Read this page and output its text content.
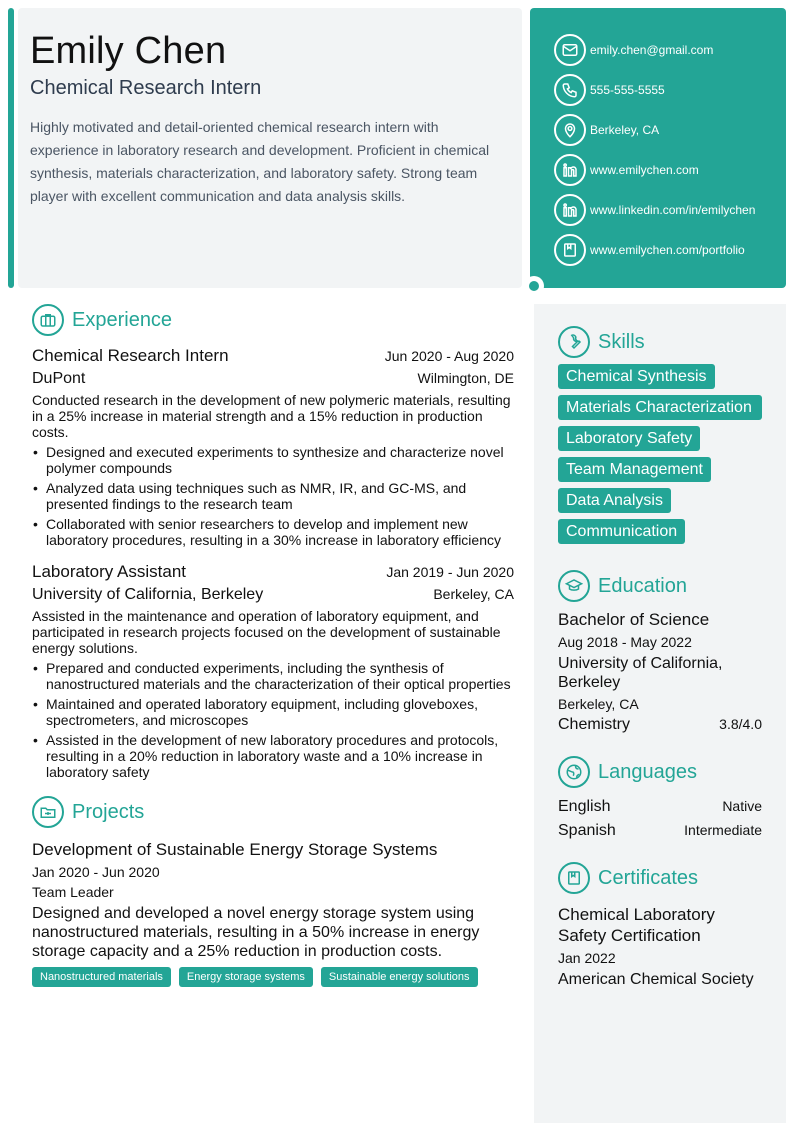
Emily Chen
Chemical Research Intern
Highly motivated and detail-oriented chemical research intern with experience in laboratory research and development. Proficient in chemical synthesis, materials characterization, and laboratory safety. Strong team player with excellent communication and data analysis skills.
emily.chen@gmail.com
555-555-5555
Berkeley, CA
www.emilychen.com
www.linkedin.com/in/emilychen
www.emilychen.com/portfolio
Experience
Chemical Research Intern	Jun 2020 - Aug 2020
DuPont	Wilmington, DE
Conducted research in the development of new polymeric materials, resulting in a 25% increase in material strength and a 15% reduction in production costs.
• Designed and executed experiments to synthesize and characterize novel polymer compounds
• Analyzed data using techniques such as NMR, IR, and GC-MS, and presented findings to the research team
• Collaborated with senior researchers to develop and implement new laboratory procedures, resulting in a 30% increase in laboratory efficiency
Laboratory Assistant	Jan 2019 - Jun 2020
University of California, Berkeley	Berkeley, CA
Assisted in the maintenance and operation of laboratory equipment, and participated in research projects focused on the development of sustainable energy solutions.
• Prepared and conducted experiments, including the synthesis of nanostructured materials and the characterization of their optical properties
• Maintained and operated laboratory equipment, including gloveboxes, spectrometers, and microscopes
• Assisted in the development of new laboratory procedures and protocols, resulting in a 20% reduction in laboratory waste and a 10% increase in laboratory safety
Projects
Development of Sustainable Energy Storage Systems
Jan 2020 - Jun 2020
Team Leader
Designed and developed a novel energy storage system using nanostructured materials, resulting in a 50% increase in energy storage capacity and a 25% reduction in production costs.
Nanostructured materials	Energy storage systems	Sustainable energy solutions
Skills
Chemical Synthesis
Materials Characterization
Laboratory Safety
Team Management
Data Analysis
Communication
Education
Bachelor of Science
Aug 2018 - May 2022
University of California, Berkeley
Berkeley, CA
Chemistry	3.8/4.0
Languages
English	Native
Spanish	Intermediate
Certificates
Chemical Laboratory Safety Certification
Jan 2022
American Chemical Society
